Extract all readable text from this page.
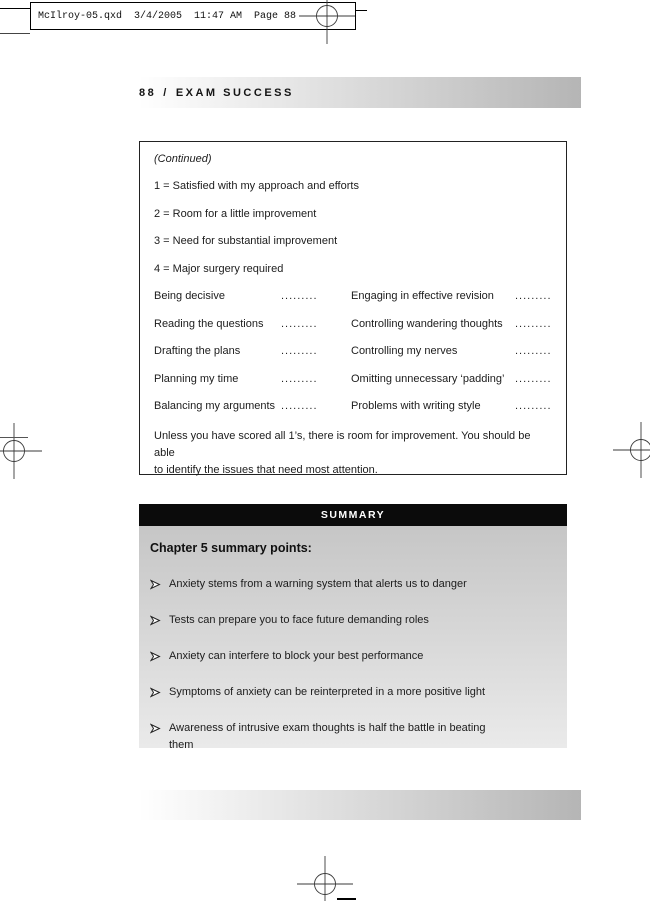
McIlroy-05.qxd  3/4/2005  11:47 AM  Page 88
88 / EXAM SUCCESS
(Continued)
1 = Satisfied with my approach and efforts
2 = Room for a little improvement
3 = Need for substantial improvement
4 = Major surgery required
Being decisive	.........	Engaging in effective revision	.........
Reading the questions	.........	Controlling wandering thoughts	.........
Drafting the plans	.........	Controlling my nerves	.........
Planning my time	.........	Omitting unnecessary ‘padding’ .........
Balancing my arguments .........	Problems with writing style	.........
Unless you have scored all 1’s, there is room for improvement. You should be able
to identify the issues that need most attention.
SUMMARY
Chapter 5 summary points:
Anxiety stems from a warning system that alerts us to danger
Tests can prepare you to face future demanding roles
Anxiety can interfere to block your best performance
Symptoms of anxiety can be reinterpreted in a more positive light
Awareness of intrusive exam thoughts is half the battle in beating
them
